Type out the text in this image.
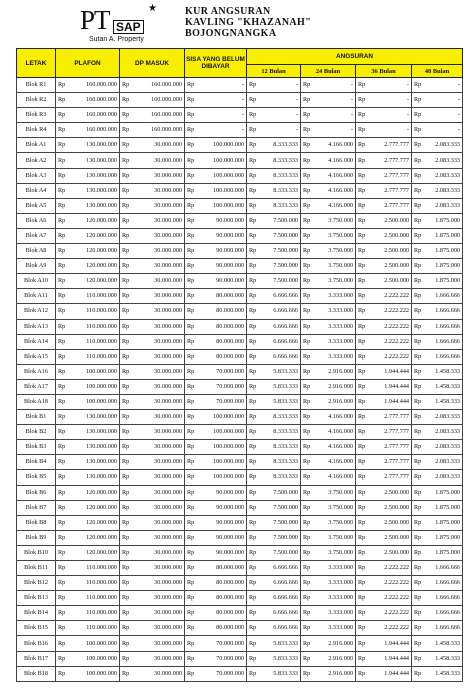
PT SAP
★
Sutan A. Property
KUR ANGSURAN
KAVLING "KHAZANAH"
BOJONGNANGKA
LETAK	PLAFON	DP MASUK	SISA YANG BELUM DIBAYAR	ANGSURAN			
				12 Bulan	24 Bulan	36 Bulan	48 Bulan
Blok R1	Rp 160.000.000	Rp 160.000.000	Rp -	Rp -	Rp -	Rp -	Rp -

Blok R2	Rp 160.000.000	Rp 160.000.000	Rp -	Rp -	Rp -	Rp -	Rp -

Blok R3	Rp 160.000.000	Rp 160.000.000	Rp -	Rp -	Rp -	Rp -	Rp -

Blok R4	Rp 160.000.000	Rp 160.000.000	Rp -	Rp -	Rp -	Rp -	Rp -

Blok A1	Rp 130.000.000	Rp 30.000.000	Rp 100.000.000	Rp 8.333.333	Rp 4.166.000	Rp 2.777.777	Rp 2.083.333

Blok A2	Rp 130.000.000	Rp 30.000.000	Rp 100.000.000	Rp 8.333.333	Rp 4.166.000	Rp 2.777.777	Rp 2.083.333

Blok A3	Rp 130.000.000	Rp 30.000.000	Rp 100.000.000	Rp 8.333.333	Rp 4.166.000	Rp 2.777.777	Rp 2.083.333

Blok A4	Rp 130.000.000	Rp 30.000.000	Rp 100.000.000	Rp 8.333.333	Rp 4.166.000	Rp 2.777.777	Rp 2.083.333

Blok A5	Rp 130.000.000	Rp 30.000.000	Rp 100.000.000	Rp 8.333.333	Rp 4.166.000	Rp 2.777.777	Rp 2.083.333

Blok A6	Rp 120.000.000	Rp 30.000.000	Rp 90.000.000	Rp 7.500.000	Rp 3.750.000	Rp 2.500.000	Rp 1.875.000

Blok A7	Rp 120.000.000	Rp 30.000.000	Rp 90.000.000	Rp 7.500.000	Rp 3.750.000	Rp 2.500.000	Rp 1.875.000

Blok A8	Rp 120.000.000	Rp 30.000.000	Rp 90.000.000	Rp 7.500.000	Rp 3.750.000	Rp 2.500.000	Rp 1.875.000

Blok A9	Rp 120.000.000	Rp 30.000.000	Rp 90.000.000	Rp 7.500.000	Rp 3.750.000	Rp 2.500.000	Rp 1.875.000

Blok A10	Rp 120.000.000	Rp 30.000.000	Rp 90.000.000	Rp 7.500.000	Rp 3.750.000	Rp 2.500.000	Rp 1.875.000

Blok A11	Rp 110.000.000	Rp 30.000.000	Rp 80.000.000	Rp 6.666.666	Rp 3.333.000	Rp 2.222.222	Rp 1.666.666

Blok A12	Rp 110.000.000	Rp 30.000.000	Rp 80.000.000	Rp 6.666.666	Rp 3.333.000	Rp 2.222.222	Rp 1.666.666

Blok A13	Rp 110.000.000	Rp 30.000.000	Rp 80.000.000	Rp 6.666.666	Rp 3.333.000	Rp 2.222.222	Rp 1.666.666

Blok A14	Rp 110.000.000	Rp 30.000.000	Rp 80.000.000	Rp 6.666.666	Rp 3.333.000	Rp 2.222.222	Rp 1.666.666

Blok A15	Rp 110.000.000	Rp 30.000.000	Rp 80.000.000	Rp 6.666.666	Rp 3.333.000	Rp 2.222.222	Rp 1.666.666

Blok A16	Rp 100.000.000	Rp 30.000.000	Rp 70.000.000	Rp 5.833.333	Rp 2.916.000	Rp 1.944.444	Rp 1.458.333

Blok A17	Rp 100.000.000	Rp 30.000.000	Rp 70.000.000	Rp 5.833.333	Rp 2.916.000	Rp 1.944.444	Rp 1.458.333

Blok A18	Rp 100.000.000	Rp 30.000.000	Rp 70.000.000	Rp 5.833.333	Rp 2.916.000	Rp 1.944.444	Rp 1.458.333

Blok B1	Rp 130.000.000	Rp 30.000.000	Rp 100.000.000	Rp 8.333.333	Rp 4.166.000	Rp 2.777.777	Rp 2.083.333

Blok B2	Rp 130.000.000	Rp 30.000.000	Rp 100.000.000	Rp 8.333.333	Rp 4.166.000	Rp 2.777.777	Rp 2.083.333

Blok B3	Rp 130.000.000	Rp 30.000.000	Rp 100.000.000	Rp 8.333.333	Rp 4.166.000	Rp 2.777.777	Rp 2.083.333

Blok B4	Rp 130.000.000	Rp 30.000.000	Rp 100.000.000	Rp 8.333.333	Rp 4.166.000	Rp 2.777.777	Rp 2.083.333

Blok B5	Rp 130.000.000	Rp 30.000.000	Rp 100.000.000	Rp 8.333.333	Rp 4.166.000	Rp 2.777.777	Rp 2.083.333

Blok B6	Rp 120.000.000	Rp 30.000.000	Rp 90.000.000	Rp 7.500.000	Rp 3.750.000	Rp 2.500.000	Rp 1.875.000

Blok B7	Rp 120.000.000	Rp 30.000.000	Rp 90.000.000	Rp 7.500.000	Rp 3.750.000	Rp 2.500.000	Rp 1.875.000

Blok B8	Rp 120.000.000	Rp 30.000.000	Rp 90.000.000	Rp 7.500.000	Rp 3.750.000	Rp 2.500.000	Rp 1.875.000

Blok B9	Rp 120.000.000	Rp 30.000.000	Rp 90.000.000	Rp 7.500.000	Rp 3.750.000	Rp 2.500.000	Rp 1.875.000

Blok B10	Rp 120.000.000	Rp 30.000.000	Rp 90.000.000	Rp 7.500.000	Rp 3.750.000	Rp 2.500.000	Rp 1.875.000

Blok B11	Rp 110.000.000	Rp 30.000.000	Rp 80.000.000	Rp 6.666.666	Rp 3.333.000	Rp 2.222.222	Rp 1.666.666

Blok B12	Rp 110.000.000	Rp 30.000.000	Rp 80.000.000	Rp 6.666.666	Rp 3.333.000	Rp 2.222.222	Rp 1.666.666

Blok B13	Rp 110.000.000	Rp 30.000.000	Rp 80.000.000	Rp 6.666.666	Rp 3.333.000	Rp 2.222.222	Rp 1.666.666

Blok B14	Rp 110.000.000	Rp 30.000.000	Rp 80.000.000	Rp 6.666.666	Rp 3.333.000	Rp 2.222.222	Rp 1.666.666

Blok B15	Rp 110.000.000	Rp 30.000.000	Rp 80.000.000	Rp 6.666.666	Rp 3.333.000	Rp 2.222.222	Rp 1.666.666

Blok B16	Rp 100.000.000	Rp 30.000.000	Rp 70.000.000	Rp 5.833.333	Rp 2.916.000	Rp 1.944.444	Rp 1.458.333

Blok B17	Rp 100.000.000	Rp 30.000.000	Rp 70.000.000	Rp 5.833.333	Rp 2.916.000	Rp 1.944.444	Rp 1.458.333

Blok B18	Rp 100.000.000	Rp 30.000.000	Rp 70.000.000	Rp 5.833.333	Rp 2.916.000	Rp 1.944.444	Rp 1.458.333
